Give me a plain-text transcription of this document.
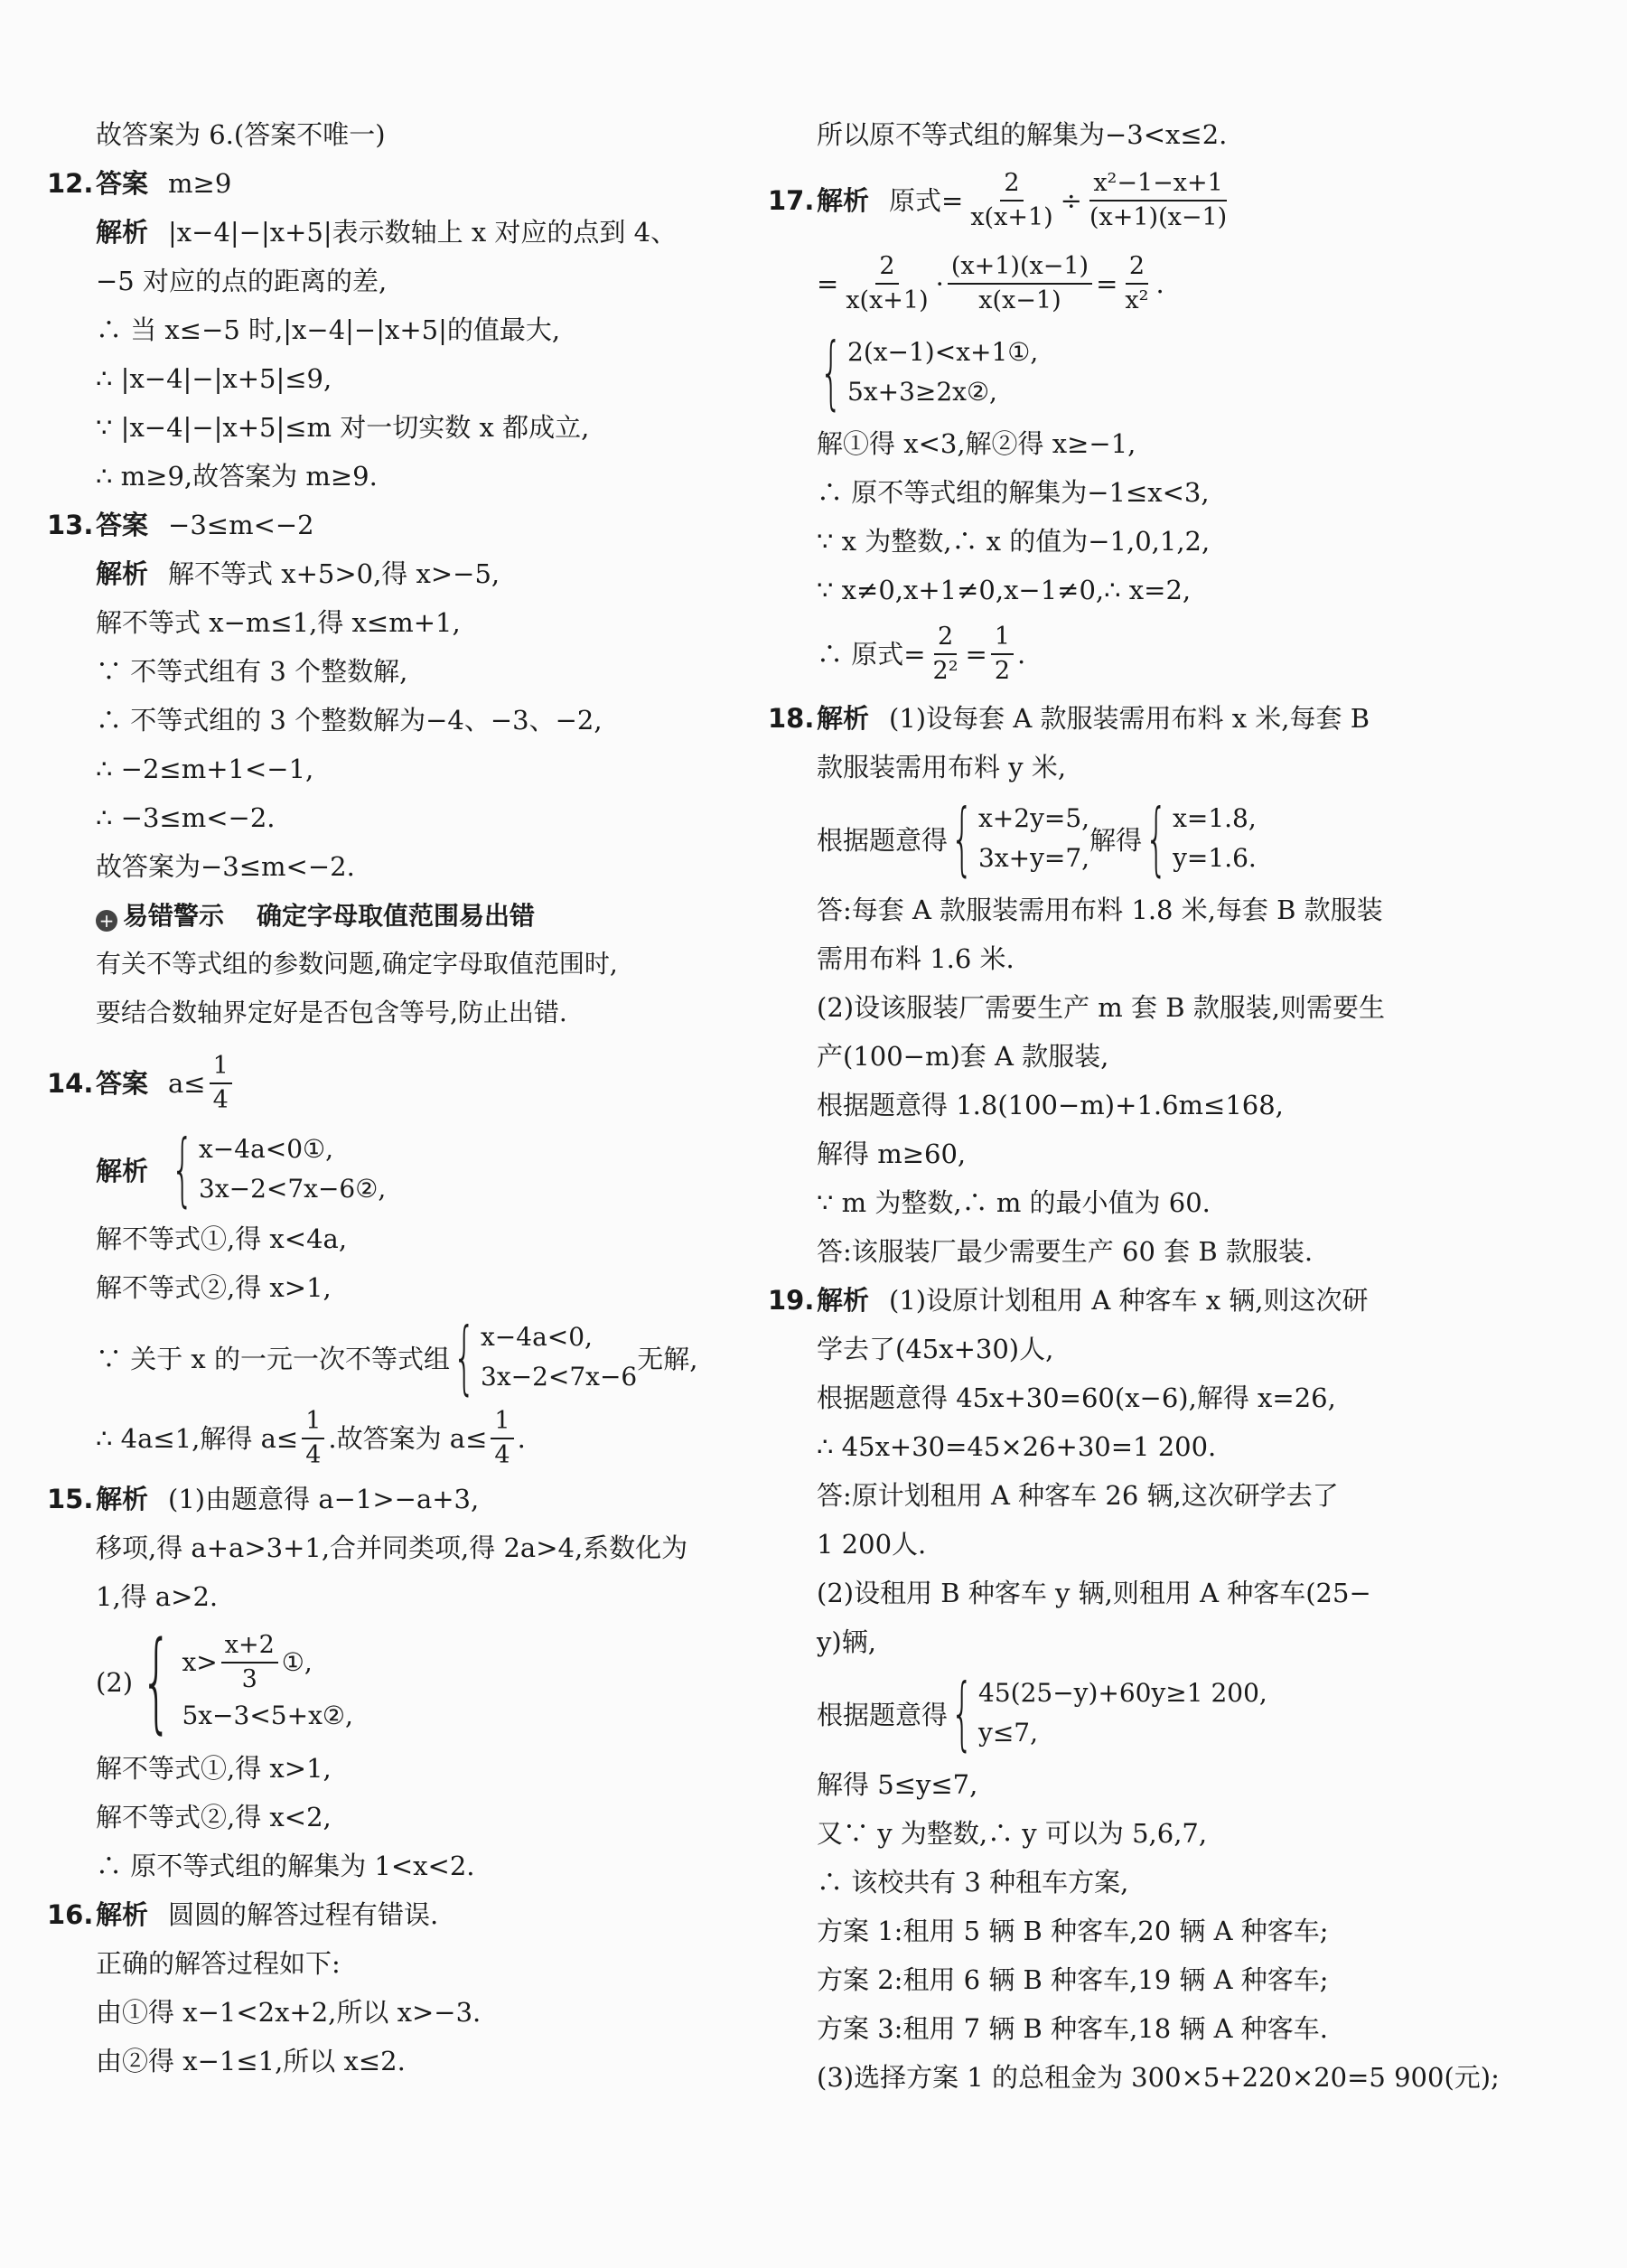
故答案为 6.(答案不唯一)
12.答案 m≥9
解析 |x−4|−|x+5|表示数轴上 x 对应的点到 4、
−5 对应的点的距离的差,
∴ 当 x≤−5 时,|x−4|−|x+5|的值最大,
∴ |x−4|−|x+5|≤9,
∵ |x−4|−|x+5|≤m 对一切实数 x 都成立,
∴ m≥9,故答案为 m≥9.
13.答案 −3≤m<−2
解析 解不等式 x+5>0,得 x>−5,
解不等式 x−m≤1,得 x≤m+1,
∵ 不等式组有 3 个整数解,
∴ 不等式组的 3 个整数解为−4、−3、−2,
∴ −2≤m+1<−1,
∴ −3≤m<−2.
故答案为−3≤m<−2.
+ 易错警示 确定字母取值范围易出错
有关不等式组的参数问题,确定字母取值范围时,
要结合数轴界定好是否包含等号,防止出错.
14. 答案 $a\le \frac{1}{4}$
解析 { x−4a<0①,
3x−2<7x−6②,
解不等式①,得 x<4a,
解不等式②,得 x>1,
∵ 关于 x 的一元一次不等式组 { x−4a<0,
3x−2<7x−6
无解,
∴ 4a≤1,解得 $a\le \frac{1}{4}$ .故答案为 $a\le \frac{1}{4}$ .
15.解析 (1)由题意得 a−1>−a+3,
移项,得 a+a>3+1,合并同类项,得 2a>4,系数化为
1,得 a>2.
(2) { $x> \frac{x+2}{3}$ ①,
5x−3<5+x②,
解不等式①,得 x>1,
解不等式②,得 x<2,
∴ 原不等式组的解集为 1<x<2.
16.解析 圆圆的解答过程有错误.
正确的解答过程如下:
由①得 x−1<2x+2,所以 x>−3.
由②得 x−1≤1,所以 x≤2.
所以原不等式组的解集为−3<x≤2.
17. 解析 原式= $\frac{2}{x(x+1)} \div \frac{\text{x²−1−x+1}}{(x+1)(x-1)}$
= $\frac{2}{x(x+1)} \cdot \frac{(x+1)(x-1)}{x(x-1)} = \frac{2}{\text{x²}}$ .
{ 2(x−1)<x+1①,
5x+3≥2x②,
解①得 x<3,解②得 x≥−1,
∴ 原不等式组的解集为−1≤x<3,
∵ x 为整数,∴ x 的值为−1,0,1,2,
∵ x≠0,x+1≠0,x−1≠0,∴ x=2,
∴ 原式= $\frac{2}{\text{2²}} = \frac{1}{2}$ .
18.解析 (1)设每套 A 款服装需用布料 x 米,每套 B
款服装需用布料 y 米,
根据题意得 { x+2y=5,
3x+y=7,
解得 { x=1.8,
y=1.6.
答:每套 A 款服装需用布料 1.8 米,每套 B 款服装
需用布料 1.6 米.
(2)设该服装厂需要生产 m 套 B 款服装,则需要生
产(100−m)套 A 款服装,
根据题意得 1.8(100−m)+1.6m≤168,
解得 m≥60,
∵ m 为整数,∴ m 的最小值为 60.
答:该服装厂最少需要生产 60 套 B 款服装.
19.解析 (1)设原计划租用 A 种客车 x 辆,则这次研
学去了(45x+30)人,
根据题意得 45x+30=60(x−6),解得 x=26,
∴ 45x+30=45×26+30=1 200.
答:原计划租用 A 种客车 26 辆,这次研学去了
1 200人.
(2)设租用 B 种客车 y 辆,则租用 A 种客车(25−
y)辆,
根据题意得 { 45(25−y)+60y≥1 200,
y≤7,
解得 5≤y≤7,
又∵ y 为整数,∴ y 可以为 5,6,7,
∴ 该校共有 3 种租车方案,
方案 1:租用 5 辆 B 种客车,20 辆 A 种客车;
方案 2:租用 6 辆 B 种客车,19 辆 A 种客车;
方案 3:租用 7 辆 B 种客车,18 辆 A 种客车.
(3)选择方案 1 的总租金为 300×5+220×20=5 900(元);
